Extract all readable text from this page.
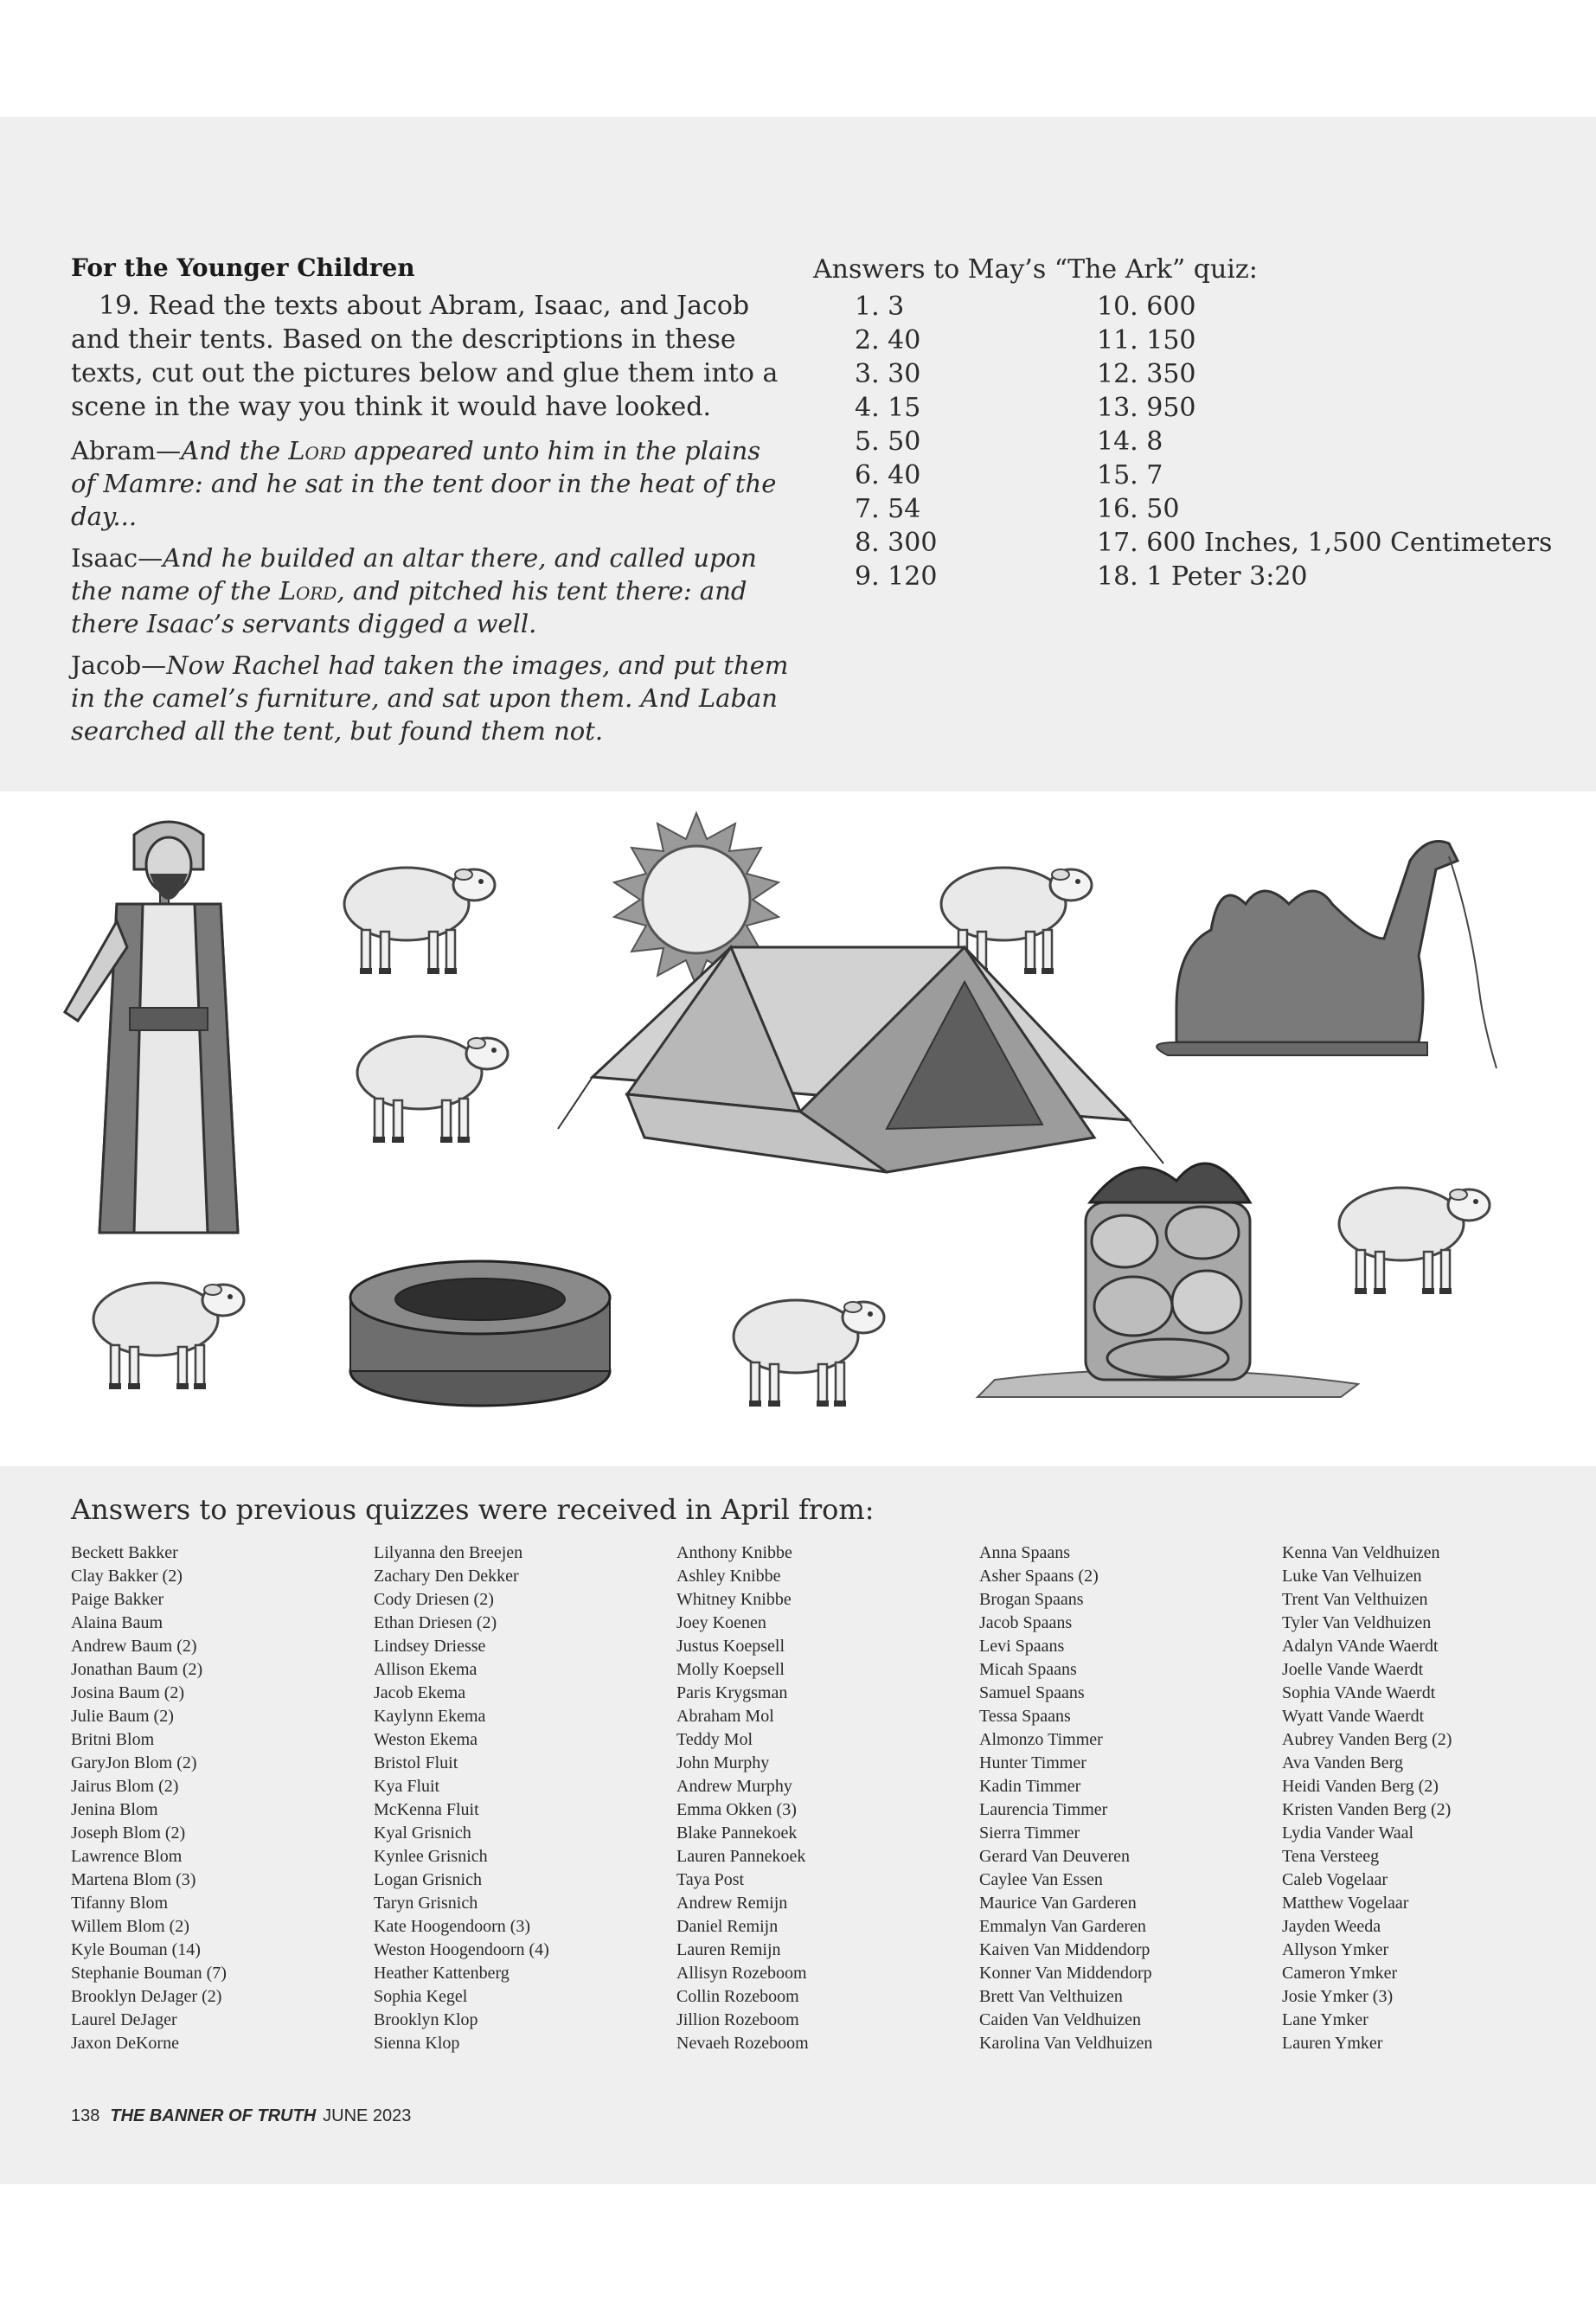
For the Younger Children
19. Read the texts about Abram, Isaac, and Jacob and their tents. Based on the descriptions in these texts, cut out the pictures below and glue them into a scene in the way you think it would have looked.
Abram—And the Lord appeared unto him in the plains of Mamre: and he sat in the tent door in the heat of the day...
Isaac—And he builded an altar there, and called upon the name of the Lord, and pitched his tent there: and there Isaac’s servants digged a well.
Jacob—Now Rachel had taken the images, and put them in the camel’s furniture, and sat upon them. And Laban searched all the tent, but found them not.
Answers to May’s “The Ark” quiz:
1. 3	10. 600
2. 40	11. 150
3. 30	12. 350
4. 15	13. 950
5. 50	14. 8
6. 40	15. 7
7. 54	16. 50
8. 300	17. 600 Inches, 1,500 Centimeters
9. 120	18. 1 Peter 3:20
Answers to previous quizzes were received in April from:
Beckett Bakker
Clay Bakker (2)
Paige Bakker
Alaina Baum
Andrew Baum (2)
Jonathan Baum (2)
Josina Baum (2)
Julie Baum (2)
Britni Blom
GaryJon Blom (2)
Jairus Blom (2)
Jenina Blom
Joseph Blom (2)
Lawrence Blom
Martena Blom (3)
Tifanny Blom
Willem Blom (2)
Kyle Bouman (14)
Stephanie Bouman (7)
Brooklyn DeJager (2)
Laurel DeJager
Jaxon DeKorne
Lilyanna den Breejen
Zachary Den Dekker
Cody Driesen (2)
Ethan Driesen (2)
Lindsey Driesse
Allison Ekema
Jacob Ekema
Kaylynn Ekema
Weston Ekema
Bristol Fluit
Kya Fluit
McKenna Fluit
Kyal Grisnich
Kynlee Grisnich
Logan Grisnich
Taryn Grisnich
Kate Hoogendoorn (3)
Weston Hoogendoorn (4)
Heather Kattenberg
Sophia Kegel
Brooklyn Klop
Sienna Klop
Anthony Knibbe
Ashley Knibbe
Whitney Knibbe
Joey Koenen
Justus Koepsell
Molly Koepsell
Paris Krygsman
Abraham Mol
Teddy Mol
John Murphy
Andrew Murphy
Emma Okken (3)
Blake Pannekoek
Lauren Pannekoek
Taya Post
Andrew Remijn
Daniel Remijn
Lauren Remijn
Allisyn Rozeboom
Collin Rozeboom
Jillion Rozeboom
Nevaeh Rozeboom
Anna Spaans
Asher Spaans (2)
Brogan Spaans
Jacob Spaans
Levi Spaans
Micah Spaans
Samuel Spaans
Tessa Spaans
Almonzo Timmer
Hunter Timmer
Kadin Timmer
Laurencia Timmer
Sierra Timmer
Gerard Van Deuveren
Caylee Van Essen
Maurice Van Garderen
Emmalyn Van Garderen
Kaiven Van Middendorp
Konner Van Middendorp
Brett Van Velthuizen
Caiden Van Veldhuizen
Karolina Van Veldhuizen
Kenna Van Veldhuizen
Luke Van Velhuizen
Trent Van Velthuizen
Tyler Van Veldhuizen
Adalyn VAnde Waerdt
Joelle Vande Waerdt
Sophia VAnde Waerdt
Wyatt Vande Waerdt
Aubrey Vanden Berg (2)
Ava Vanden Berg
Heidi Vanden Berg (2)
Kristen Vanden Berg (2)
Lydia Vander Waal
Tena Versteeg
Caleb Vogelaar
Matthew Vogelaar
Jayden Weeda
Allyson Ymker
Cameron Ymker
Josie Ymker (3)
Lane Ymker
Lauren Ymker
138 THE BANNER OF TRUTH JUNE 2023
